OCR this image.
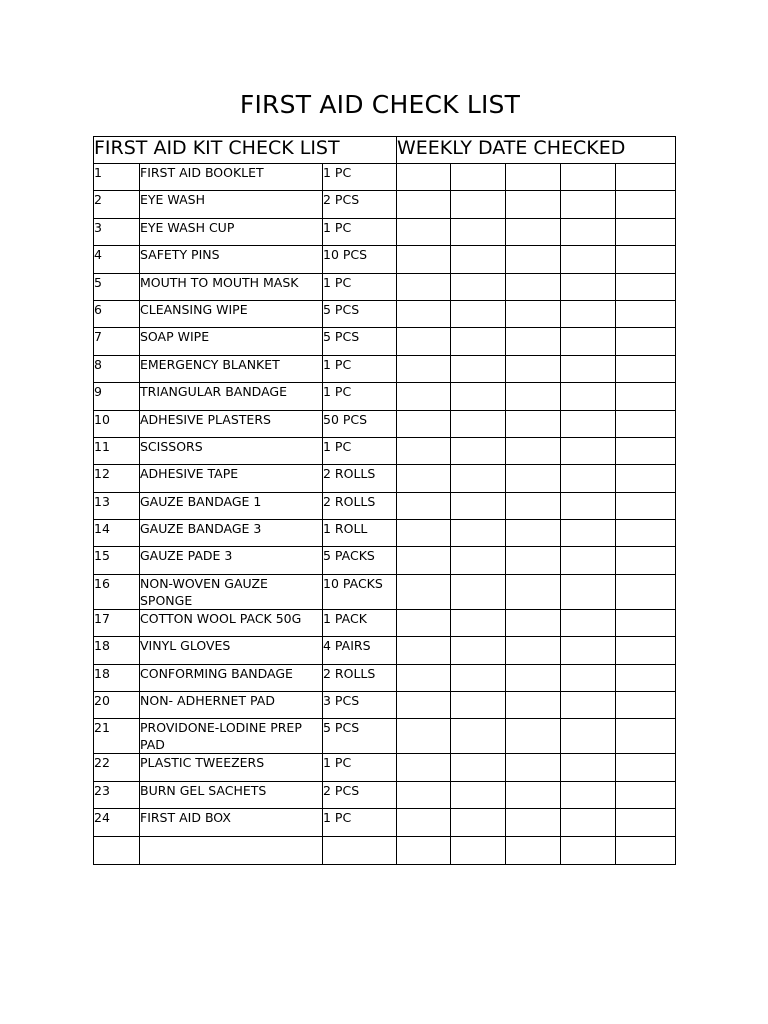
FIRST AID CHECK LIST
FIRST AID KIT CHECK LIST			WEEKLY DATE CHECKED				
1	FIRST AID BOOKLET	1 PC					
2	EYE WASH	2 PCS					
3	EYE WASH CUP	1 PC					
4	SAFETY PINS	10 PCS					
5	MOUTH TO MOUTH MASK	1 PC					
6	CLEANSING WIPE	5 PCS					
7	SOAP WIPE	5 PCS					
8	EMERGENCY BLANKET	1 PC					
9	TRIANGULAR BANDAGE	1 PC					
10	ADHESIVE PLASTERS	50 PCS					
11	SCISSORS	1 PC					
12	ADHESIVE TAPE	2 ROLLS					
13	GAUZE BANDAGE 1	2 ROLLS					
14	GAUZE BANDAGE 3	1 ROLL					
15	GAUZE PADE 3	5 PACKS					
16	NON-WOVEN GAUZE SPONGE	10 PACKS					
17	COTTON WOOL PACK 50G	1 PACK					
18	VINYL GLOVES	4 PAIRS					
18	CONFORMING BANDAGE	2 ROLLS					
20	NON- ADHERNET PAD	3 PCS					
21	PROVIDONE-LODINE PREP PAD	5 PCS					
22	PLASTIC TWEEZERS	1 PC					
23	BURN GEL SACHETS	2 PCS					
24	FIRST AID BOX	1 PC					
